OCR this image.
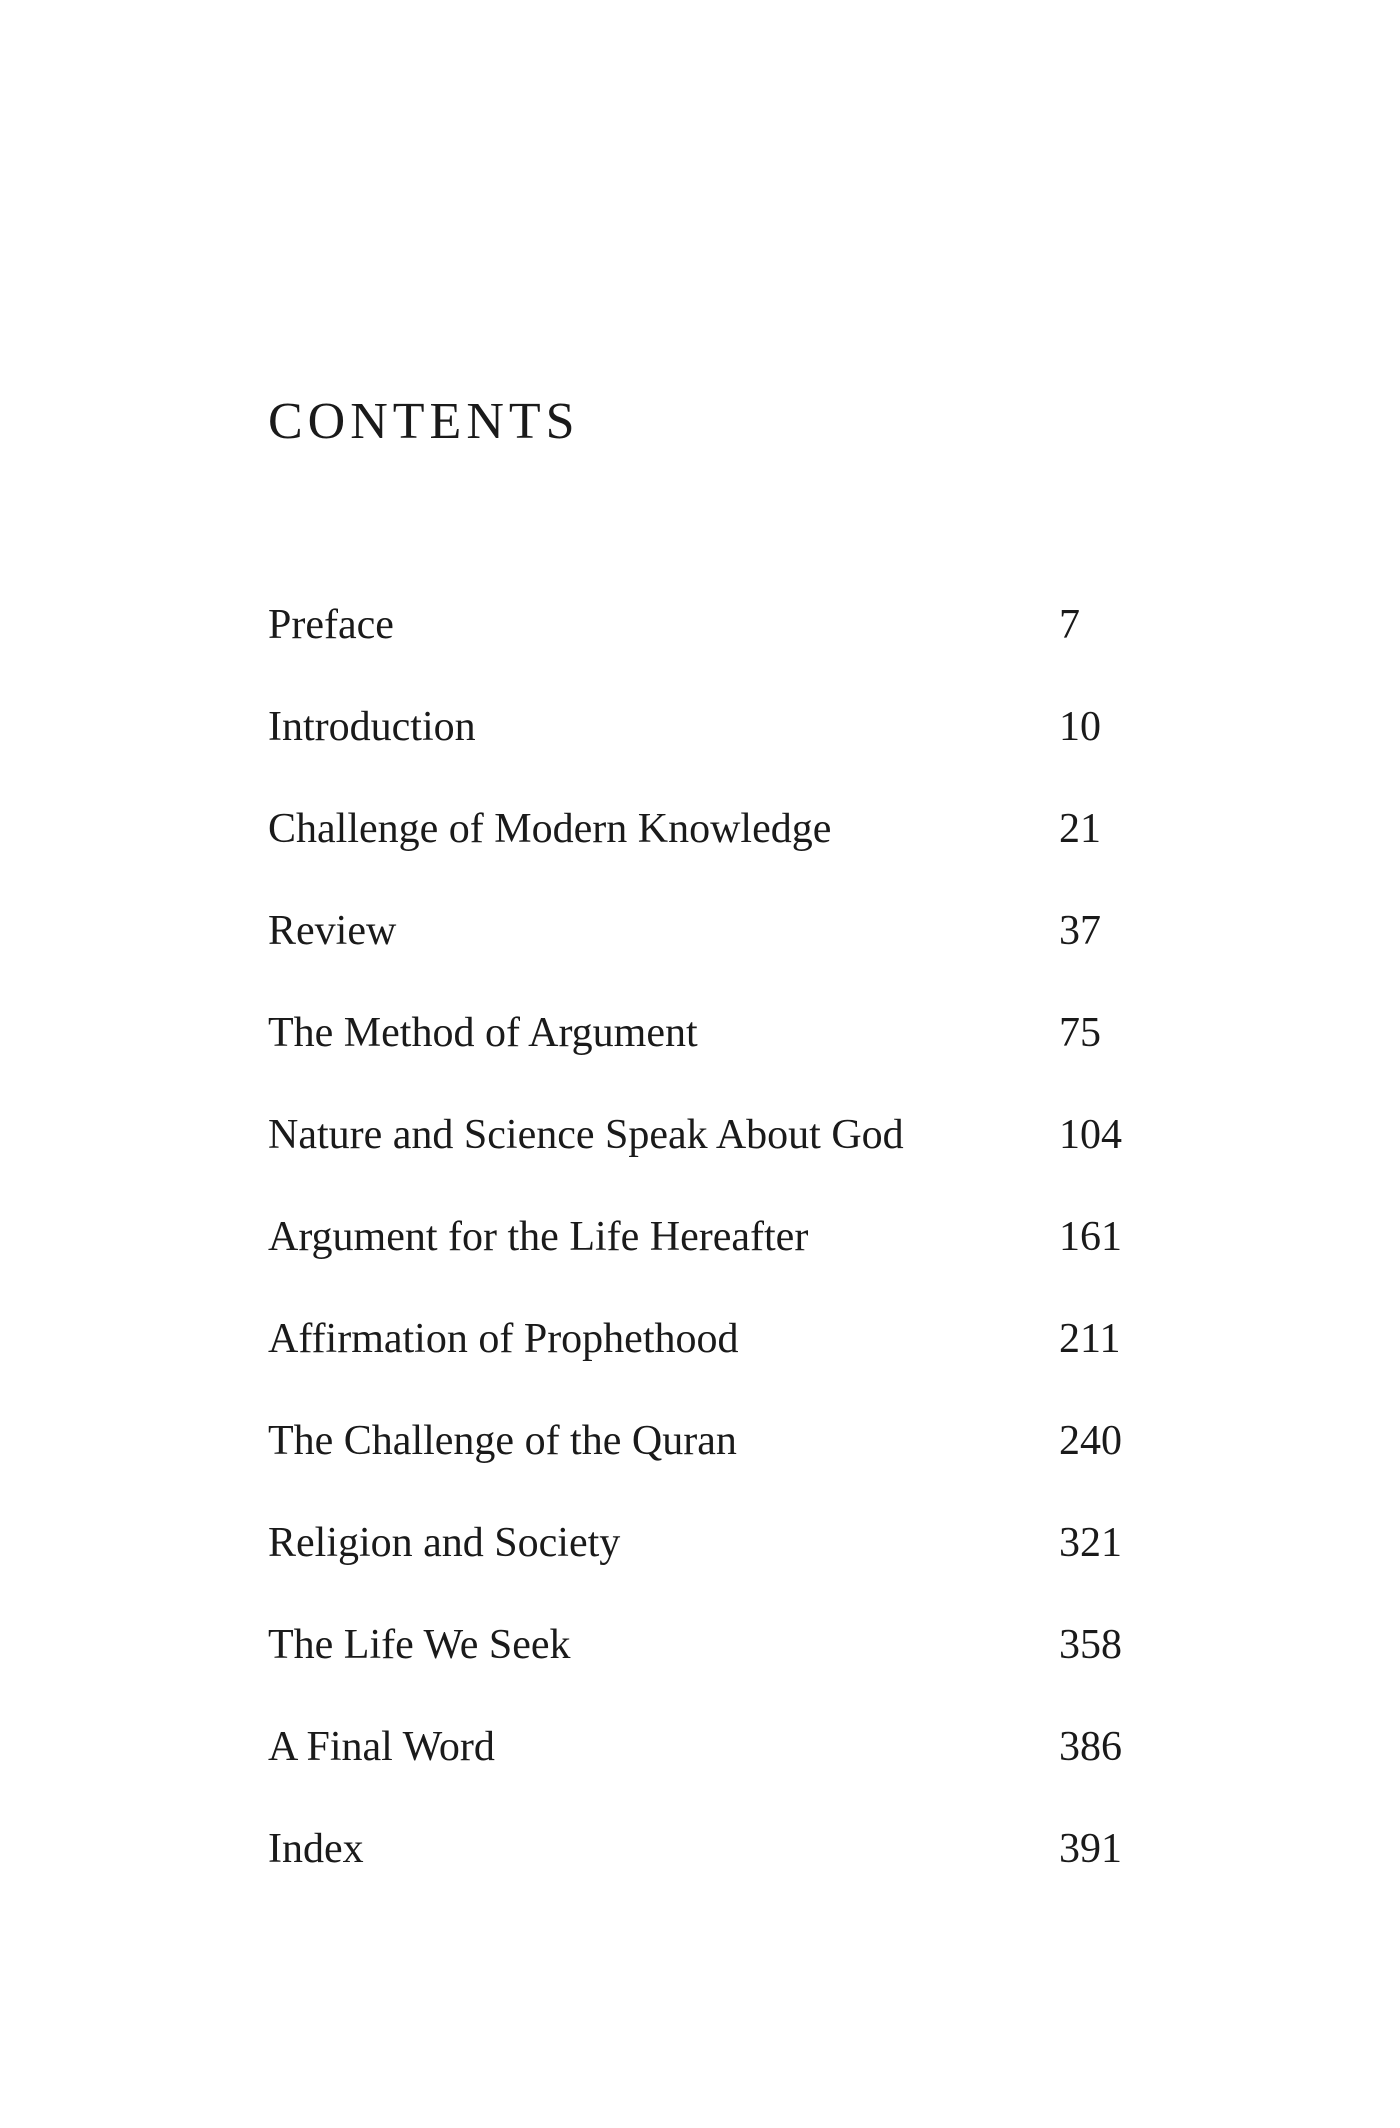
CONTENTS
Preface	7
Introduction	10
Challenge of Modern Knowledge	21
Review	37
The Method of Argument	75
Nature and Science Speak About God	104
Argument for the Life Hereafter	161
Affirmation of Prophethood	211
The Challenge of the Quran	240
Religion and Society	321
The Life We Seek	358
A Final Word	386
Index	391
